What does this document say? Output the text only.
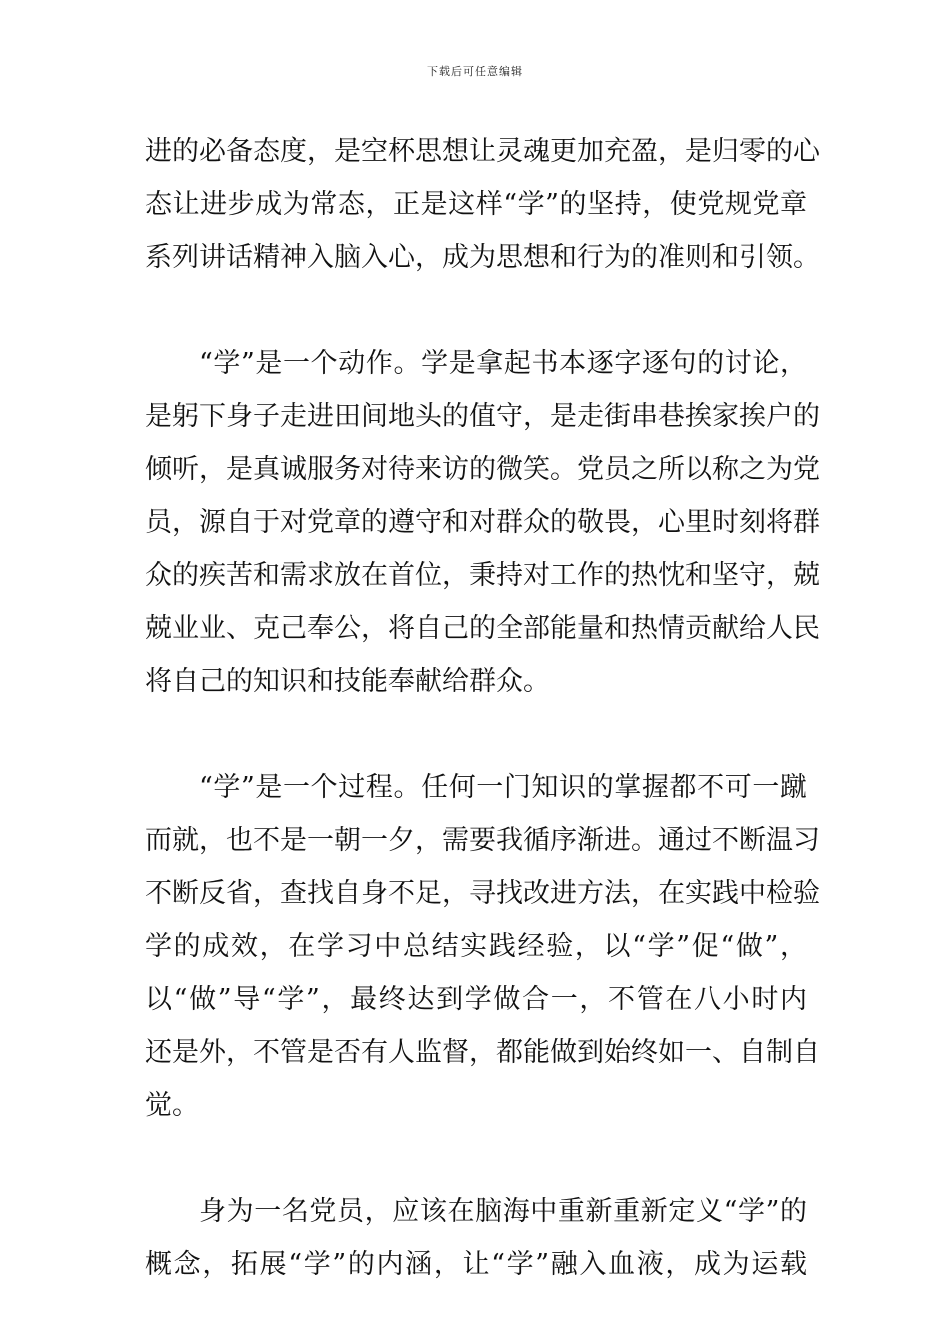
下载后可任意编辑
进的必备态度，是空杯思想让灵魂更加充盈，是归零的心
态让进步成为常态，正是这样“学”的坚持，使党规党章
系列讲话精神入脑入心，成为思想和行为的准则和引领。
“学”是一个动作。学是拿起书本逐字逐句的讨论，
是躬下身子走进田间地头的值守，是走街串巷挨家挨户的
倾听，是真诚服务对待来访的微笑。党员之所以称之为党
员，源自于对党章的遵守和对群众的敬畏，心里时刻将群
众的疾苦和需求放在首位，秉持对工作的热忱和坚守，兢
兢业业、克己奉公，将自己的全部能量和热情贡献给人民
将自己的知识和技能奉献给群众。
“学”是一个过程。任何一门知识的掌握都不可一蹴
而就，也不是一朝一夕，需要我循序渐进。通过不断温习
不断反省，查找自身不足，寻找改进方法，在实践中检验
学的成效，在学习中总结实践经验，以“学”促“做”，
以“做”导“学”，最终达到学做合一，不管在八小时内
还是外，不管是否有人监督，都能做到始终如一、自制自
觉。
身为一名党员，应该在脑海中重新重新定义“学”的
概念，拓展“学”的内涵，让“学”融入血液，成为运载
